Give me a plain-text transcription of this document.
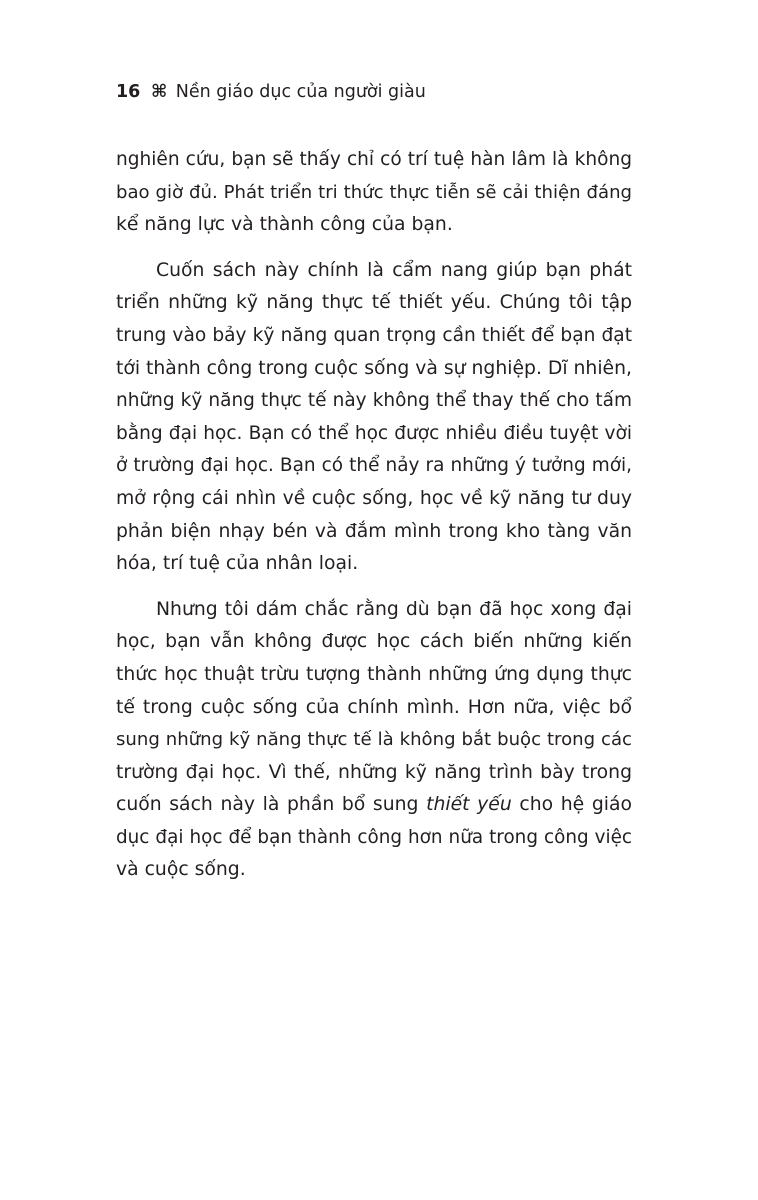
16 ⌘ Nền giáo dục của người giàu
nghiên cứu, bạn sẽ thấy chỉ có trí tuệ hàn lâm là không
bao giờ đủ. Phát triển tri thức thực tiễn sẽ cải thiện đáng
kể năng lực và thành công của bạn.
Cuốn sách này chính là cẩm nang giúp bạn phát
triển những kỹ năng thực tế thiết yếu. Chúng tôi tập
trung vào bảy kỹ năng quan trọng cần thiết để bạn đạt
tới thành công trong cuộc sống và sự nghiệp. Dĩ nhiên,
những kỹ năng thực tế này không thể thay thế cho tấm
bằng đại học. Bạn có thể học được nhiều điều tuyệt vời
ở trường đại học. Bạn có thể nảy ra những ý tưởng mới,
mở rộng cái nhìn về cuộc sống, học về kỹ năng tư duy
phản biện nhạy bén và đắm mình trong kho tàng văn
hóa, trí tuệ của nhân loại.
Nhưng tôi dám chắc rằng dù bạn đã học xong đại
học, bạn vẫn không được học cách biến những kiến
thức học thuật trừu tượng thành những ứng dụng thực
tế trong cuộc sống của chính mình. Hơn nữa, việc bổ
sung những kỹ năng thực tế là không bắt buộc trong các
trường đại học. Vì thế, những kỹ năng trình bày trong
cuốn sách này là phần bổ sung thiết yếu cho hệ giáo
dục đại học để bạn thành công hơn nữa trong công việc
và cuộc sống.
